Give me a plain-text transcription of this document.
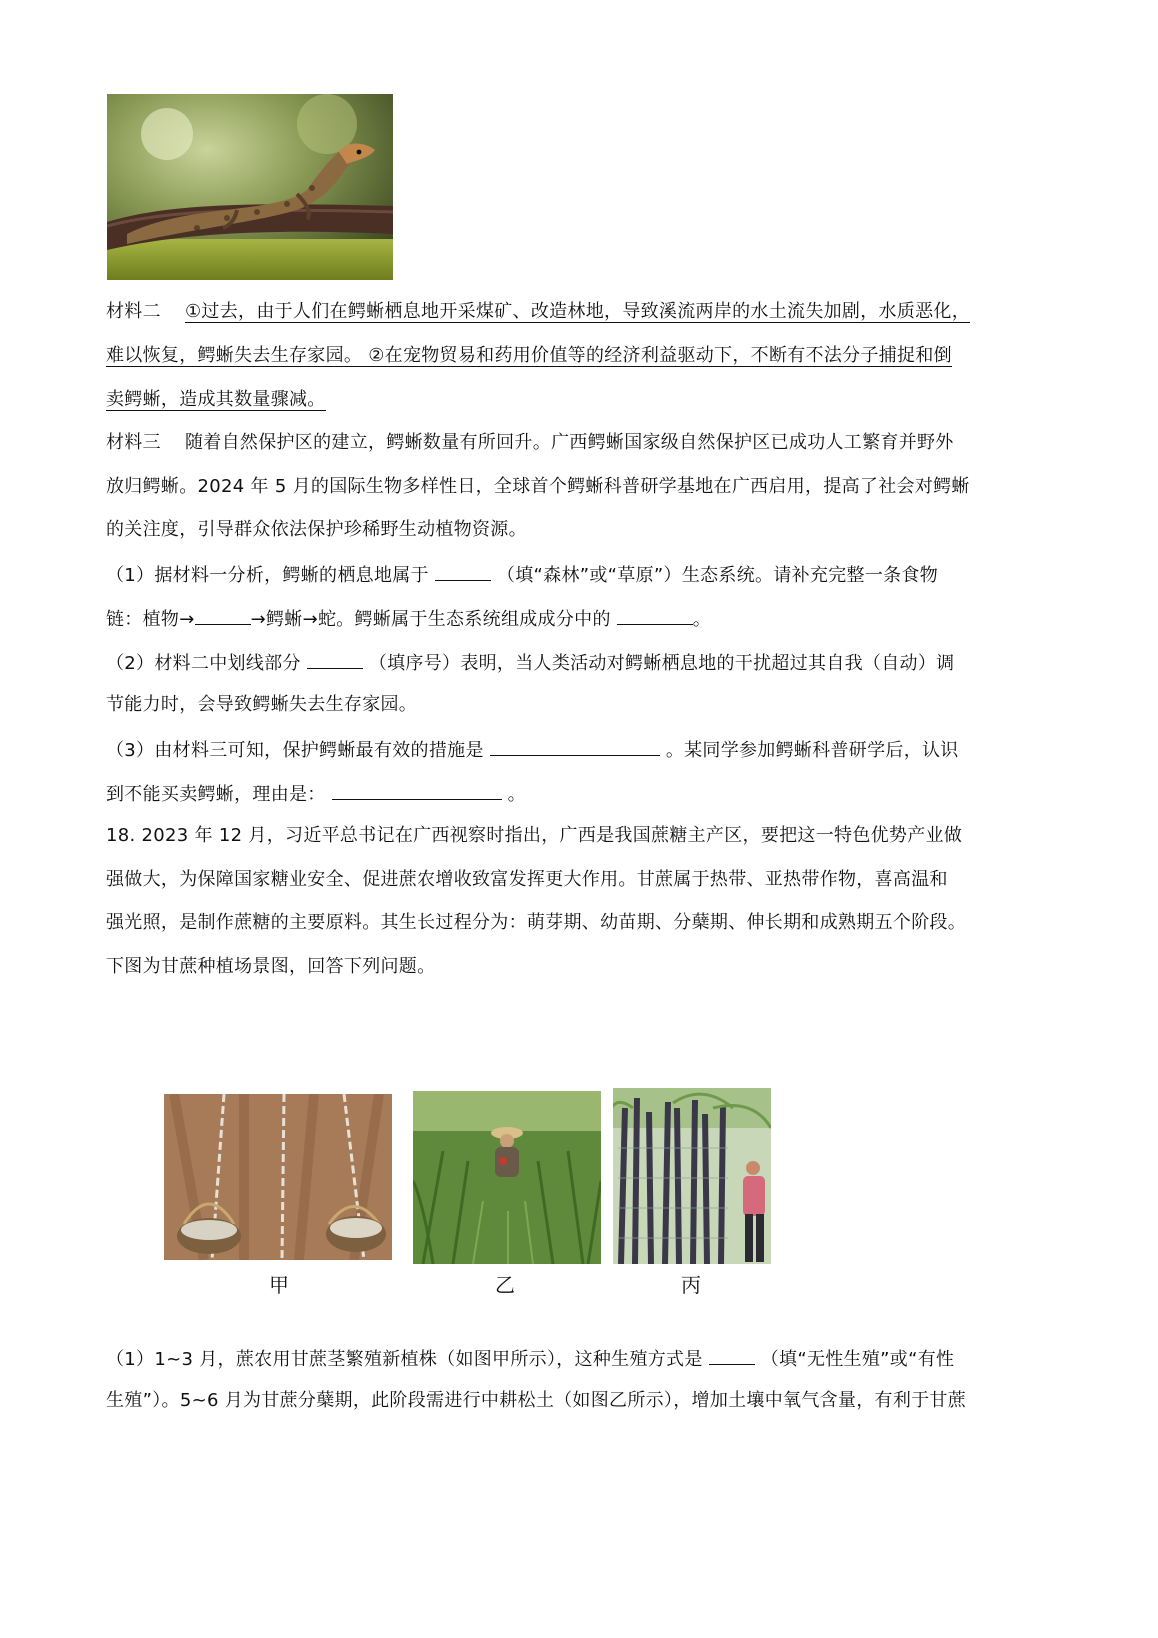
材料二 ①过去，由于人们在鳄蜥栖息地开采煤矿、改造林地，导致溪流两岸的水土流失加剧，水质恶化，
难以恢复，鳄蜥失去生存家园。 ②在宠物贸易和药用价值等的经济利益驱动下，不断有不法分子捕捉和倒
卖鳄蜥，造成其数量骤减。
材料三 随着自然保护区的建立，鳄蜥数量有所回升。广西鳄蜥国家级自然保护区已成功人工繁育并野外
放归鳄蜥。2024 年 5 月的国际生物多样性日，全球首个鳄蜥科普研学基地在广西启用，提高了社会对鳄蜥
的关注度，引导群众依法保护珍稀野生动植物资源。
（1）据材料一分析，鳄蜥的栖息地属于	（填“森林”或“草原”）生态系统。请补充完整一条食物
链：植物→	→鳄蜥→蛇。鳄蜥属于生态系统组成成分中的	。
（2）材料二中划线部分	（填序号）表明，当人类活动对鳄蜥栖息地的干扰超过其自我（自动）调
节能力时，会导致鳄蜥失去生存家园。
（3）由材料三可知，保护鳄蜥最有效的措施是	。某同学参加鳄蜥科普研学后，认识
到不能买卖鳄蜥，理由是：	。
18. 2023 年 12 月，习近平总书记在广西视察时指出，广西是我国蔗糖主产区，要把这一特色优势产业做
强做大，为保障国家糖业安全、促进蔗农增收致富发挥更大作用。甘蔗属于热带、亚热带作物，喜高温和
强光照，是制作蔗糖的主要原料。其生长过程分为：萌芽期、幼苗期、分蘖期、伸长期和成熟期五个阶段。
下图为甘蔗种植场景图，回答下列问题。
甲	乙	丙
（1）1~3 月，蔗农用甘蔗茎繁殖新植株（如图甲所示），这种生殖方式是	（填“无性生殖”或“有性
生殖”）。5~6 月为甘蔗分蘖期，此阶段需进行中耕松土（如图乙所示），增加土壤中氧气含量，有利于甘蔗
